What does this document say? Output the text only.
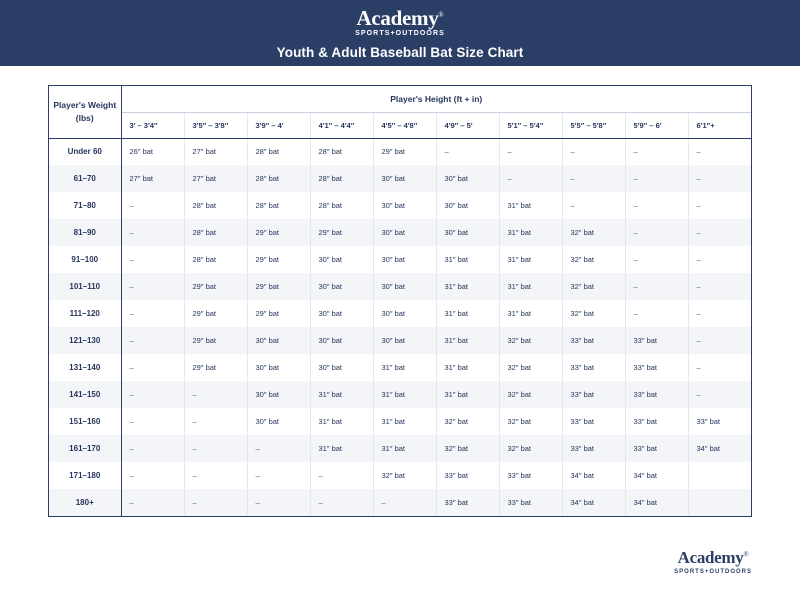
Academy®
SPORTS+OUTDOORS
Youth & Adult Baseball Bat Size Chart
Player's Weight (lbs)	Player's Height (ft + in)									
	3′ – 3′4″	3′5″ – 3′8″	3′9″ – 4′	4′1″ – 4′4″	4′5″ – 4′8″	4′9″ – 5′	5′1″ – 5′4″	5′5″ – 5′8″	5′9″ – 6′	6′1″+
Under 60	26″ bat	27″ bat	28″ bat	28″ bat	29″ bat	–	–	–	–	–
61–70	27″ bat	27″ bat	28″ bat	28″ bat	30″ bat	30″ bat	–	–	–	–
71–80	–	28″ bat	28″ bat	28″ bat	30″ bat	30″ bat	31″ bat	–	–	–
81–90	–	28″ bat	29″ bat	29″ bat	30″ bat	30″ bat	31″ bat	32″ bat	–	–
91–100	–	28″ bat	29″ bat	30″ bat	30″ bat	31″ bat	31″ bat	32″ bat	–	–
101–110	–	29″ bat	29″ bat	30″ bat	30″ bat	31″ bat	31″ bat	32″ bat	–	–
111–120	–	29″ bat	29″ bat	30″ bat	30″ bat	31″ bat	31″ bat	32″ bat	–	–
121–130	–	29″ bat	30″ bat	30″ bat	30″ bat	31″ bat	32″ bat	33″ bat	33″ bat	–
131–140	–	29″ bat	30″ bat	30″ bat	31″ bat	31″ bat	32″ bat	33″ bat	33″ bat	–
141–150	–	–	30″ bat	31″ bat	31″ bat	31″ bat	32″ bat	33″ bat	33″ bat	–
151–160	–	–	30″ bat	31″ bat	31″ bat	32″ bat	32″ bat	33″ bat	33″ bat	33″ bat
161–170	–	–	–	31″ bat	31″ bat	32″ bat	32″ bat	33″ bat	33″ bat	34″ bat
171–180	–	–	–	–	32″ bat	33″ bat	33″ bat	34″ bat	34″ bat	
180+	–	–	–	–	–	33″ bat	33″ bat	34″ bat	34″ bat	
Academy®
SPORTS+OUTDOORS
